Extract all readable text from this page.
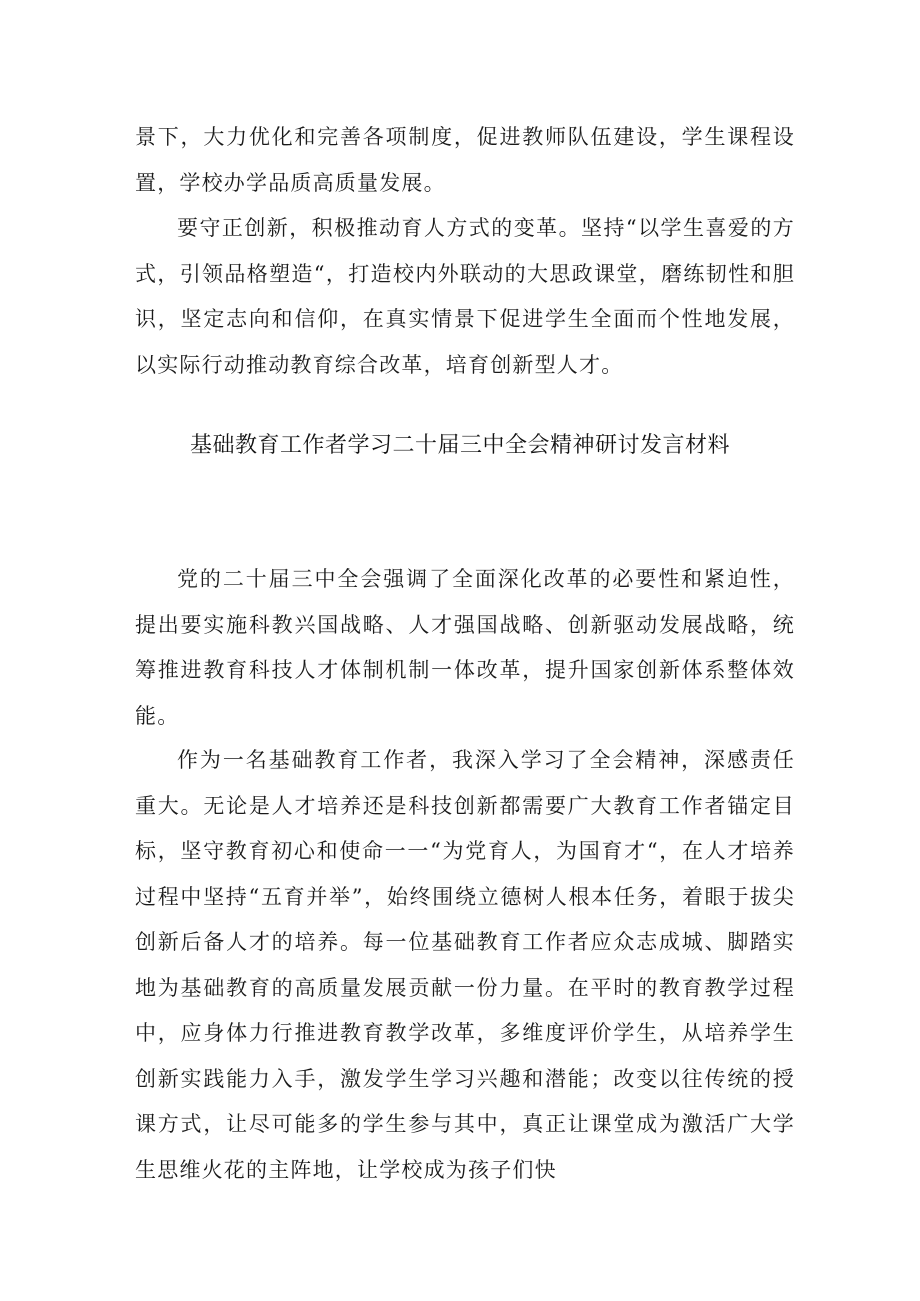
景下，大力优化和完善各项制度，促进教师队伍建设，学生课程设置，学校办学品质高质量发展。

要守正创新，积极推动育人方式的变革。坚持“以学生喜爱的方式，引领品格塑造“，打造校内外联动的大思政课堂，磨练韧性和胆识，坚定志向和信仰，在真实情景下促进学生全面而个性地发展，以实际行动推动教育综合改革，培育创新型人才。

基础教育工作者学习二十届三中全会精神研讨发言材料

党的二十届三中全会强调了全面深化改革的必要性和紧迫性，提出要实施科教兴国战略、人才强国战略、创新驱动发展战略，统筹推进教育科技人才体制机制一体改革，提升国家创新体系整体效能。

作为一名基础教育工作者，我深入学习了全会精神，深感责任重大。无论是人才培养还是科技创新都需要广大教育工作者锚定目标，坚守教育初心和使命一一“为党育人，为国育才“，在人才培养过程中坚持“五育并举”，始终围绕立德树人根本任务，着眼于拔尖创新后备人才的培养。每一位基础教育工作者应众志成城、脚踏实地为基础教育的高质量发展贡献一份力量。在平时的教育教学过程中，应身体力行推进教育教学改革，多维度评价学生，从培养学生创新实践能力入手，激发学生学习兴趣和潜能；改变以往传统的授课方式，让尽可能多的学生参与其中，真正让课堂成为激活广大学生思维火花的主阵地，让学校成为孩子们快
